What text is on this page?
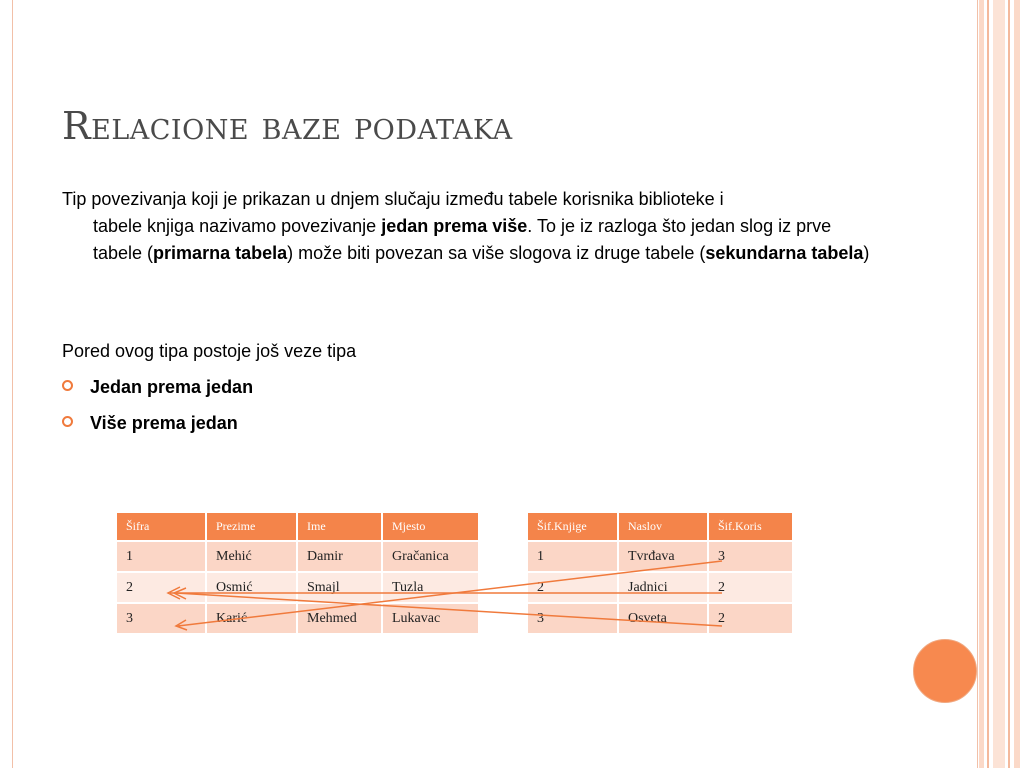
Relacione baze podataka
Tip povezivanja koji je prikazan u dnjem slučaju između tabele korisnika biblioteke i
tabele knjiga nazivamo povezivanje jedan prema više. To je iz razloga što jedan slog iz prve tabele (primarna tabela) može biti povezan sa više slogova iz druge tabele (sekundarna tabela)
Pored ovog tipa postoje još veze tipa
Jedan prema jedan
Više prema jedan
Šifra	Prezime	Ime	Mjesto
1	Mehić	Damir	Gračanica
2	Osmić	Smajl	Tuzla
3	Karić	Mehmed	Lukavac
Šif.Knjige	Naslov	Šif.Koris
1	Tvrđava	3
2	Jadnici	2
3	Osveta	2
